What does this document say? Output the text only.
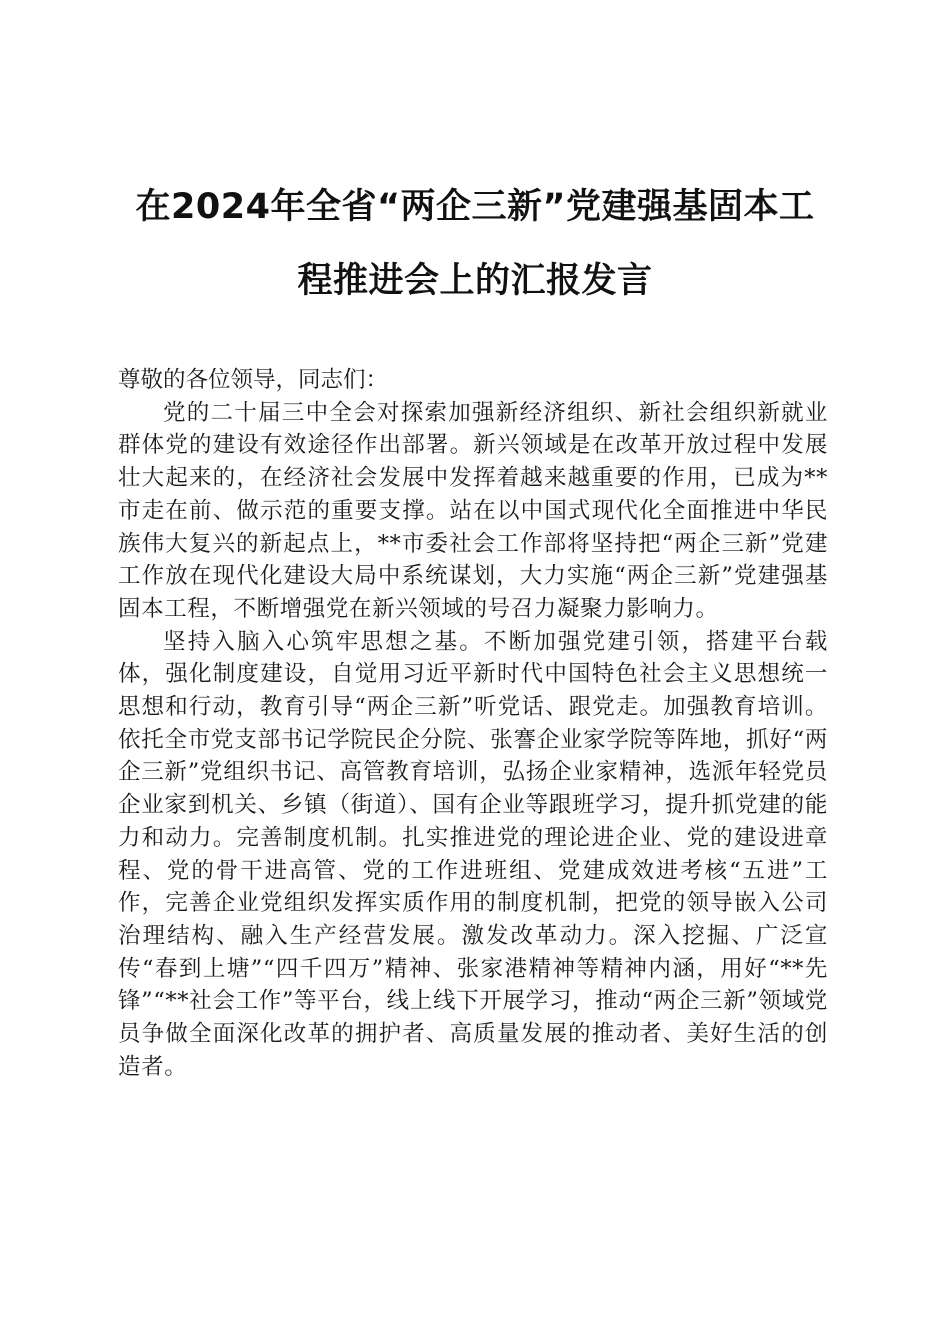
在2024年全省“两企三新”党建强基固本工
程推进会上的汇报发言

尊敬的各位领导，同志们：

党的二十届三中全会对探索加强新经济组织、新社会组织新就业群体党的建设有效途径作出部署。新兴领域是在改革开放过程中发展壮大起来的，在经济社会发展中发挥着越来越重要的作用，已成为**市走在前、做示范的重要支撑。站在以中国式现代化全面推进中华民族伟大复兴的新起点上，**市委社会工作部将坚持把“两企三新”党建工作放在现代化建设大局中系统谋划，大力实施“两企三新”党建强基固本工程，不断增强党在新兴领域的号召力凝聚力影响力。

坚持入脑入心筑牢思想之基。不断加强党建引领，搭建平台载体，强化制度建设，自觉用习近平新时代中国特色社会主义思想统一思想和行动，教育引导“两企三新”听党话、跟党走。加强教育培训。依托全市党支部书记学院民企分院、张謇企业家学院等阵地，抓好“两企三新”党组织书记、高管教育培训，弘扬企业家精神，选派年轻党员企业家到机关、乡镇（街道）、国有企业等跟班学习，提升抓党建的能力和动力。完善制度机制。扎实推进党的理论进企业、党的建设进章程、党的骨干进高管、党的工作进班组、党建成效进考核“五进”工作，完善企业党组织发挥实质作用的制度机制，把党的领导嵌入公司治理结构、融入生产经营发展。激发改革动力。深入挖掘、广泛宣传“春到上塘”“四千四万”精神、张家港精神等精神内涵，用好“**先锋”“**社会工作”等平台，线上线下开展学习，推动“两企三新”领域党员争做全面深化改革的拥护者、高质量发展的推动者、美好生活的创造者。
